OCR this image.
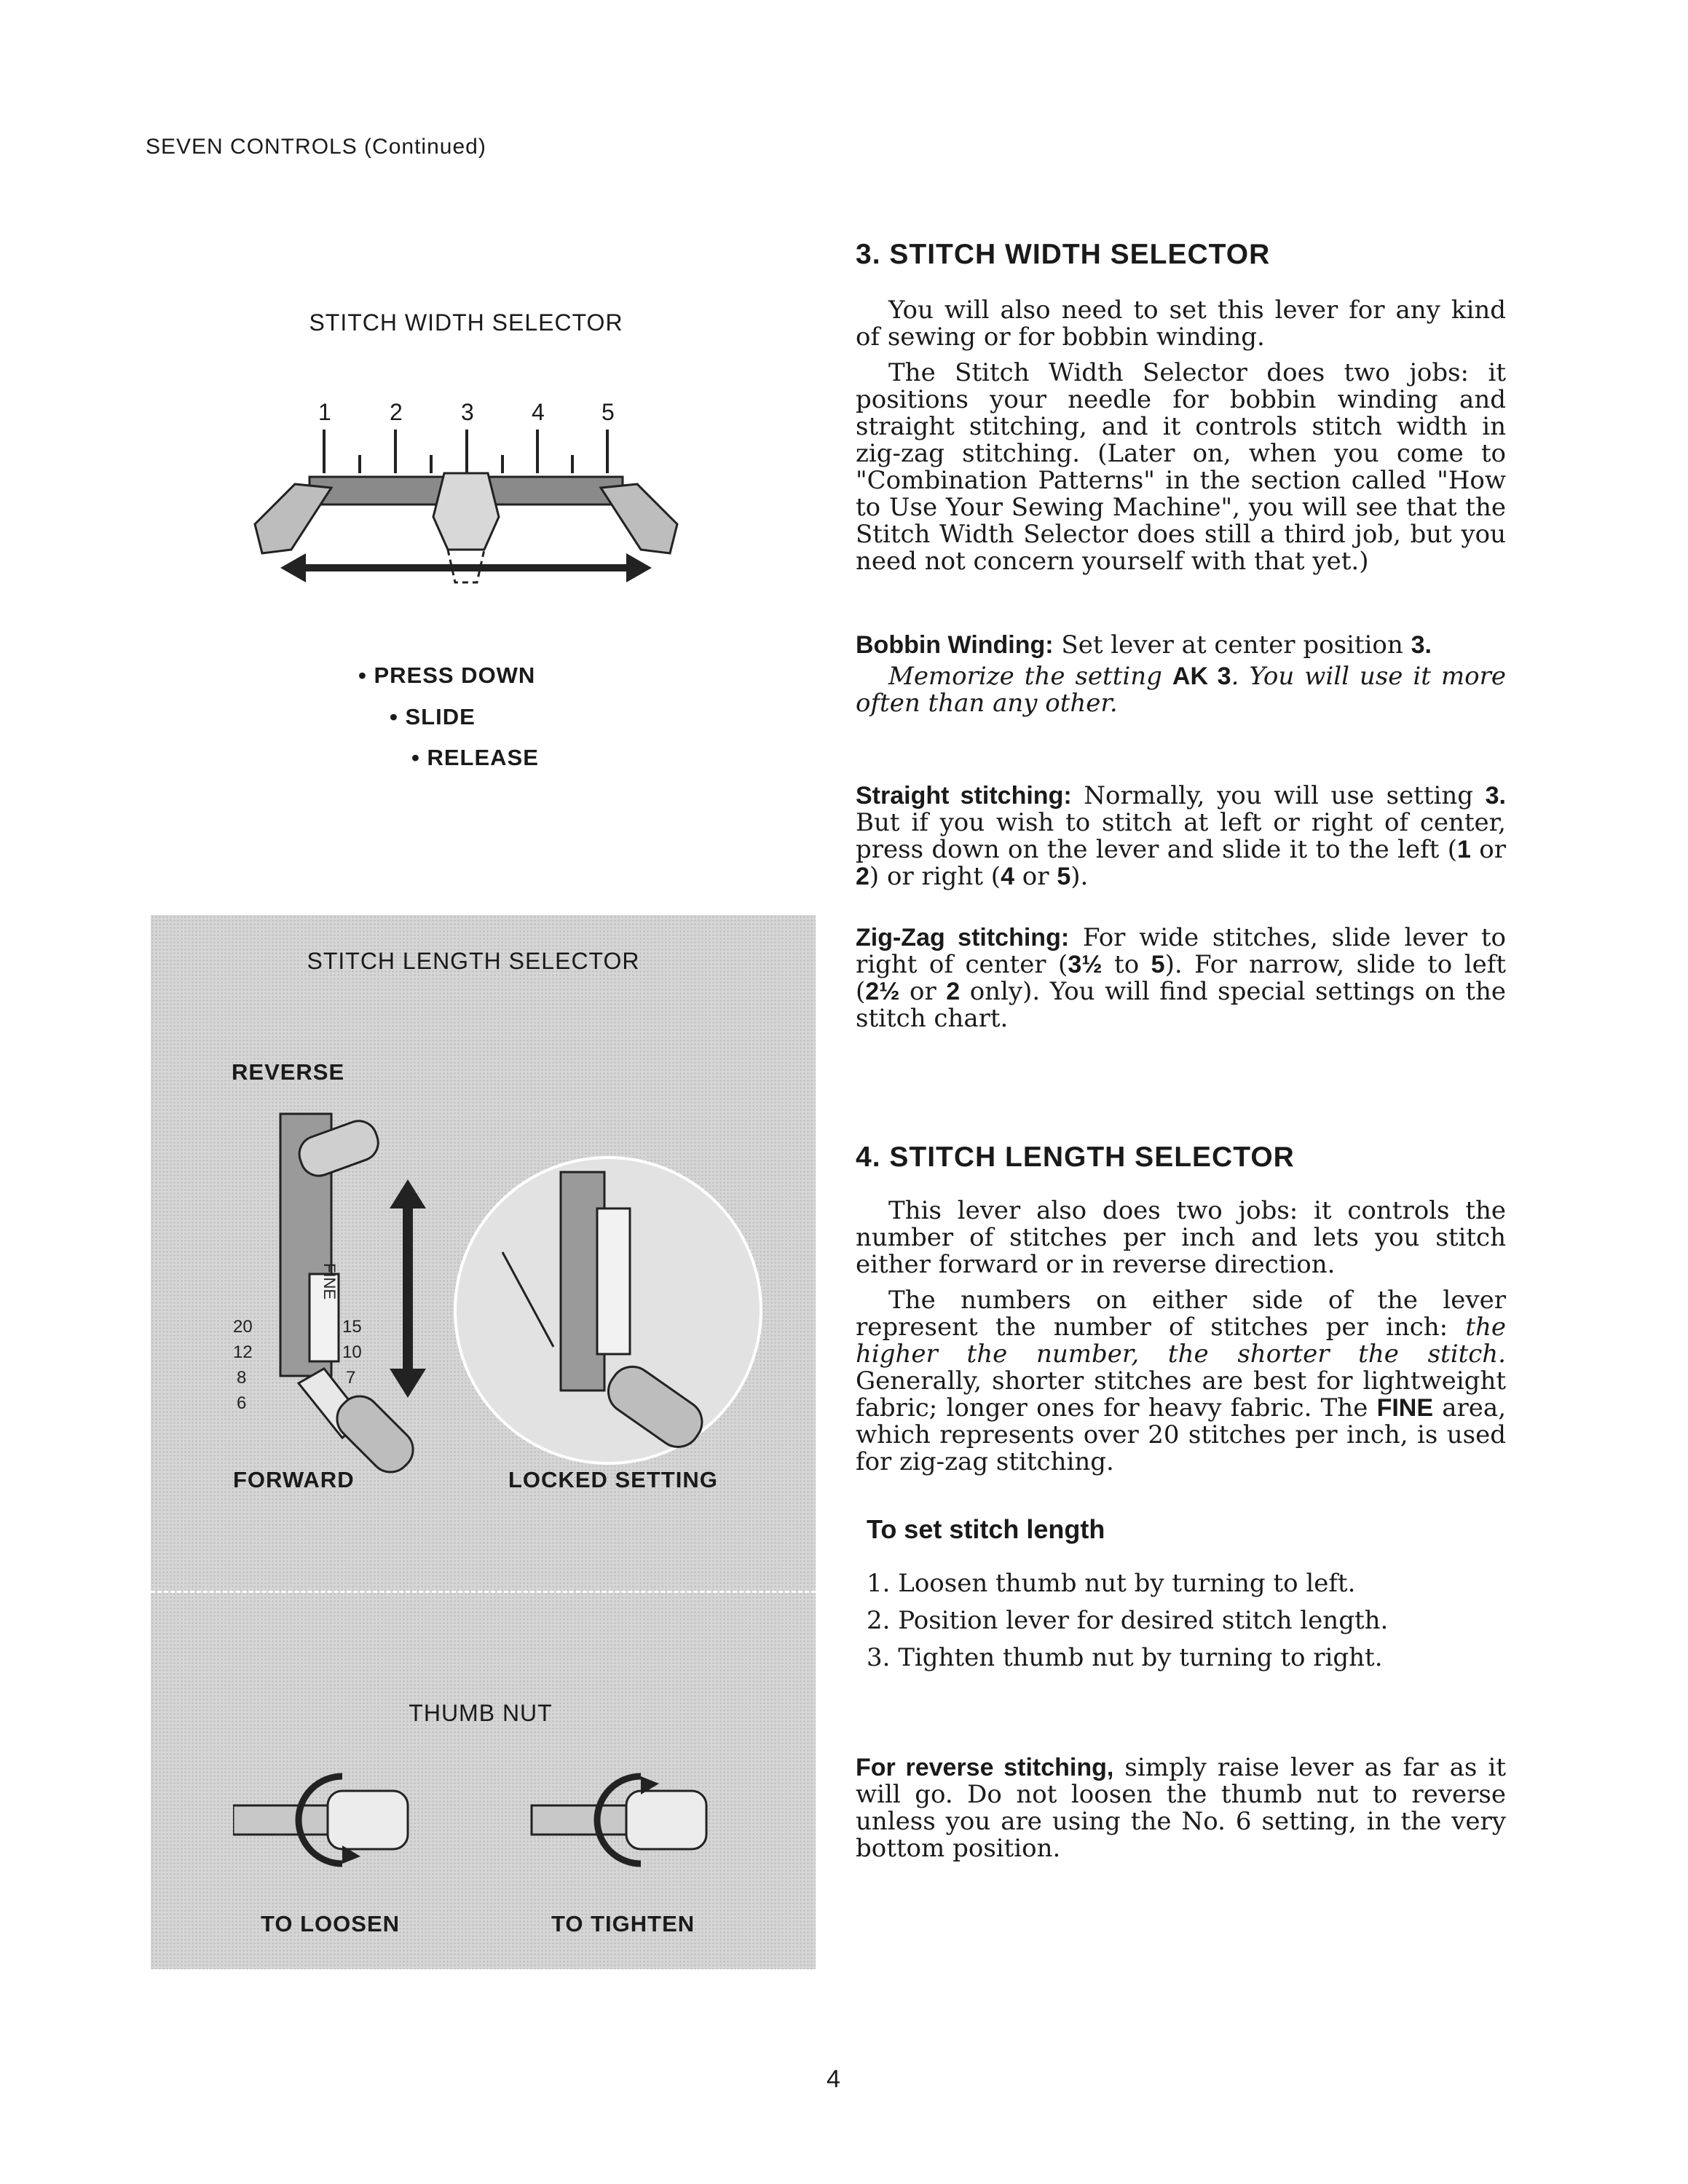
SEVEN CONTROLS (Continued)
STITCH WIDTH SELECTOR
1	2	3 4 5
• PRESS DOWN
• SLIDE
• RELEASE
STITCH LENGTH SELECTOR
REVERSE
FINE
20
12
8
6
15
10
7
FORWARD	LOCKED SETTING
THUMB NUT
TO LOOSEN	TO TIGHTEN
3. STITCH WIDTH SELECTOR

You will also need to set this lever for any kind of sewing or for bobbin winding.

The Stitch Width Selector does two jobs: it positions your needle for bobbin winding and straight stitching, and it controls stitch width in zig-zag stitching. (Later on, when you come to "Combination Patterns" in the section called "How to Use Your Sewing Machine", you will see that the Stitch Width Selector does still a third job, but you need not concern yourself with that yet.)

Bobbin Winding: Set lever at center position 3.

Memorize the setting AK 3. You will use it more often than any other.

Straight stitching: Normally, you will use setting 3. But if you wish to stitch at left or right of center, press down on the lever and slide it to the left (1 or 2) or right (4 or 5).

Zig-Zag stitching: For wide stitches, slide lever to right of center (3½ to 5). For narrow, slide to left (2½ or 2 only). You will find special settings on the stitch chart.

4. STITCH LENGTH SELECTOR

This lever also does two jobs: it controls the number of stitches per inch and lets you stitch either forward or in reverse direction.

The numbers on either side of the lever represent the number of stitches per inch: the higher the number, the shorter the stitch. Generally, shorter stitches are best for lightweight fabric; longer ones for heavy fabric. The FINE area, which represents over 20 stitches per inch, is used for zig-zag stitching.

To set stitch length
1. Loosen thumb nut by turning to left.
2. Position lever for desired stitch length.
3. Tighten thumb nut by turning to right.

For reverse stitching, simply raise lever as far as it will go. Do not loosen the thumb nut to reverse unless you are using the No. 6 setting, in the very bottom position.

4
